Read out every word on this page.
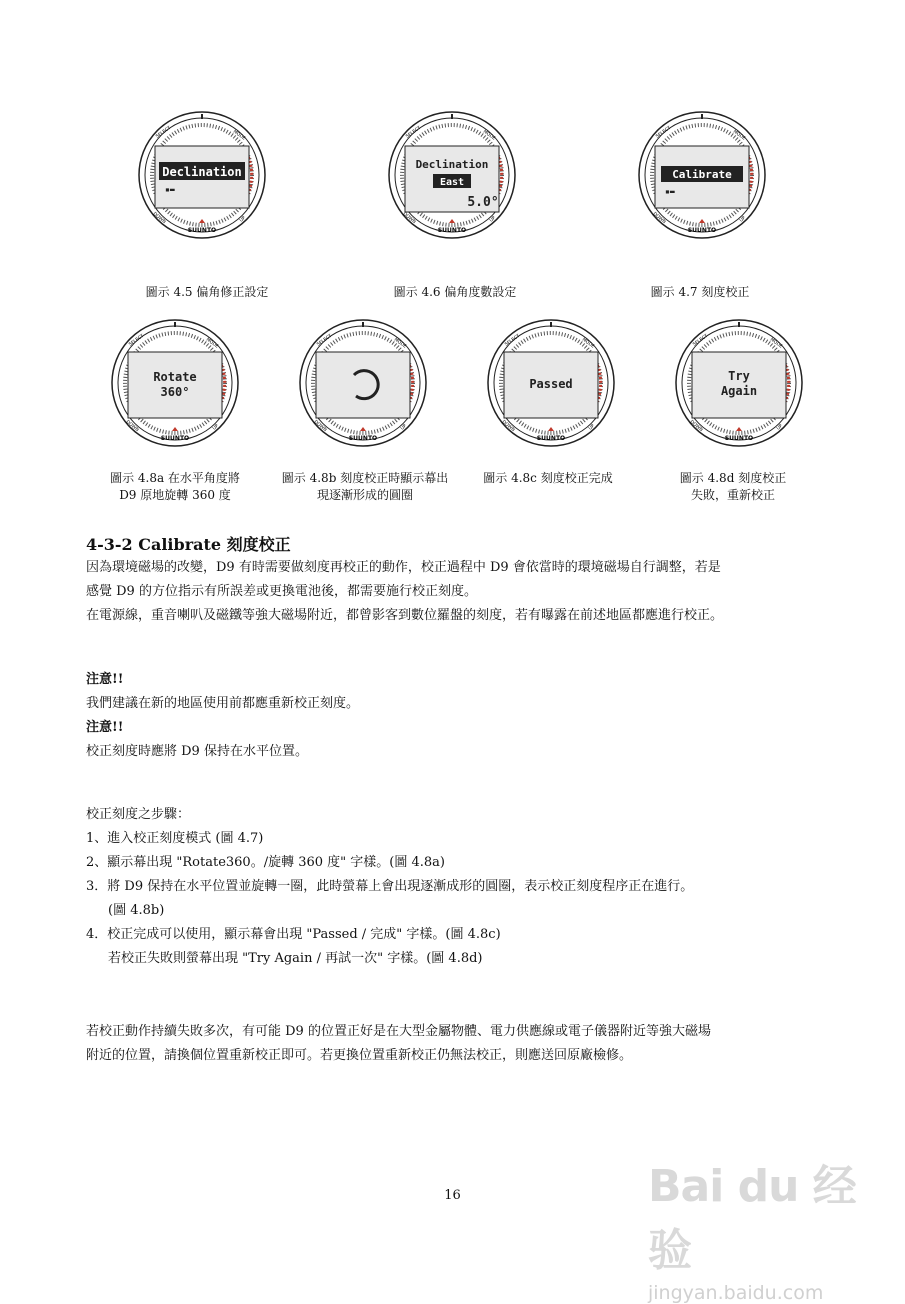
Declination
▪▬
SUUNTO
SELECT	MODE
DOWN	UP
Declination
East
5.0°
SUUNTO
SELECT	MODE
DOWN	UP
Calibrate
▪▬
SUUNTO
SELECT	MODE
DOWN	UP
圖示 4.5 偏角修正設定	圖示 4.6 偏角度數設定	圖示 4.7 刻度校正
Rotate
360°
SUUNTO
SELECT	MODE
DOWN	UP
SUUNTO
SELECT	MODE
DOWN	UP
Passed
SUUNTO
SELECT	MODE
DOWN	UP
Try
Again
SUUNTO
SELECT	MODE
DOWN	UP
圖示 4.8a 在水平角度將
D9 原地旋轉 360 度
圖示 4.8b 刻度校正時顯示幕出
現逐漸形成的圓圈
圖示 4.8c 刻度校正完成	圖示 4.8d 刻度校正
失敗，重新校正
4-3-2 Calibrate 刻度校正
因為環境磁場的改變，D9 有時需要做刻度再校正的動作，校正過程中 D9 會依當時的環境磁場自行調整，若是
感覺 D9 的方位指示有所誤差或更換電池後，都需要施行校正刻度。
在電源線，重音喇叭及磁鐵等強大磁場附近，都曾影客到數位羅盤的刻度，若有曝露在前述地區都應進行校正。
注意!!
我們建議在新的地區使用前都應重新校正刻度。
注意!!
校正刻度時應將 D9 保持在水平位置。
校正刻度之步驟：
1、進入校正刻度模式 (圖 4.7)
2、顯示幕出現 "Rotate360。/旋轉 360 度" 字樣。(圖 4.8a)
3．將 D9 保持在水平位置並旋轉一圈，此時螢幕上會出現逐漸成形的圓圈，表示校正刻度程序正在進行。
(圖 4.8b)
4．校正完成可以使用，顯示幕會出現 "Passed / 完成" 字樣。(圖 4.8c)
若校正失敗則螢幕出現 "Try Again / 再試一次" 字樣。(圖 4.8d)
若校正動作持續失敗多次，有可能 D9 的位置正好是在大型金屬物體、電力供應線或電子儀器附近等強大磁場
附近的位置，請換個位置重新校正即可。若更換位置重新校正仍無法校正，則應送回原廠檢修。
16	Bai du 经验
jingyan.baidu.com
